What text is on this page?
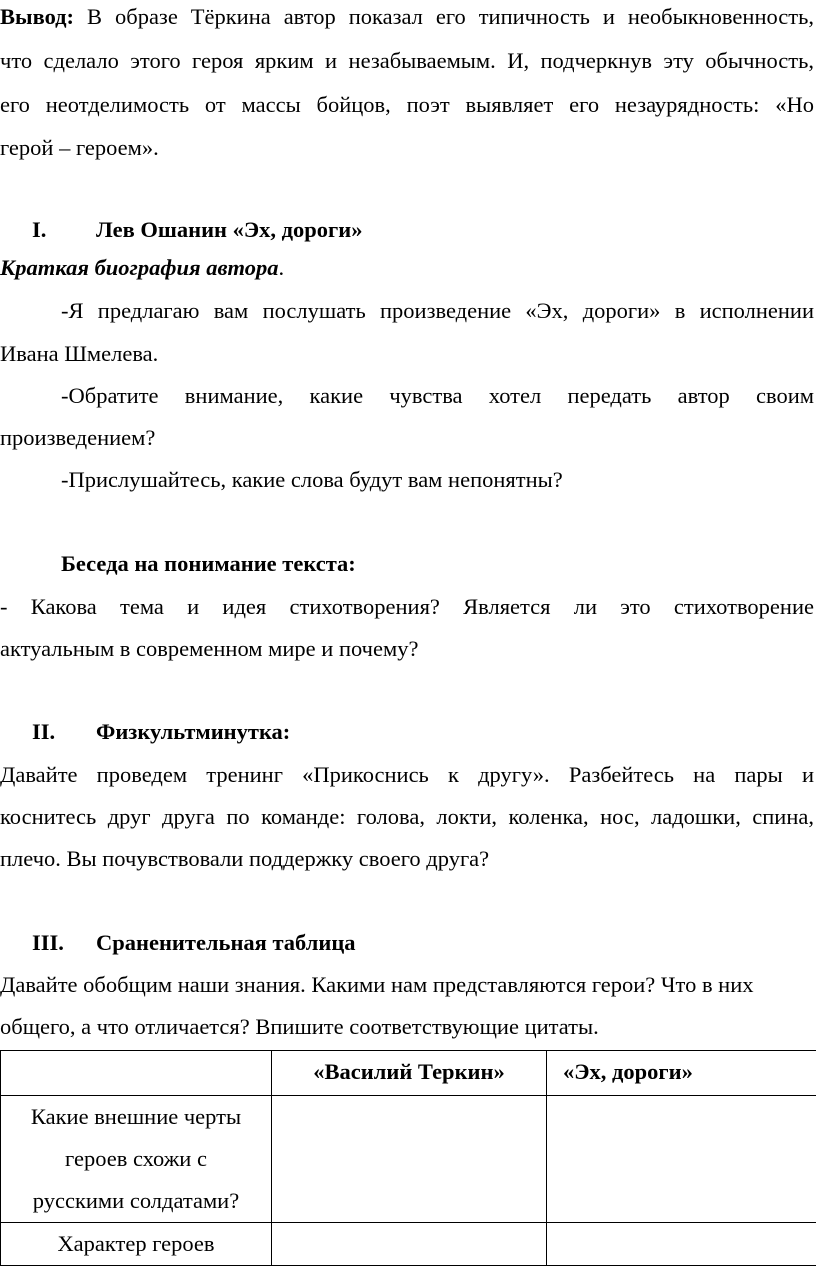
Вывод: В образе Тёркина автор показал его типичность и необыкновенность,
что сделало этого героя ярким и незабываемым. И, подчеркнув эту обычность,
его неотделимость от массы бойцов, поэт выявляет его незаурядность: «Но
герой – героем».
I. Лев Ошанин «Эх, дороги»
Краткая биография автора.
-Я предлагаю вам послушать произведение «Эх, дороги» в исполнении
Ивана Шмелева.
-Обратите внимание, какие чувства хотел передать автор своим
произведением?
-Прислушайтесь, какие слова будут вам непонятны?
Беседа на понимание текста:
- Какова тема и идея стихотворения? Является ли это стихотворение
актуальным в современном мире и почему?
II. Физкультминутка:
Давайте проведем тренинг «Прикоснись к другу». Разбейтесь на пары и
коснитесь друг друга по команде: голова, локти, коленка, нос, ладошки, спина,
плечо. Вы почувствовали поддержку своего друга?
III. Сраненительная таблица
Давайте обобщим наши знания. Какими нам представляются герои? Что в них
общего, а что отличается? Впишите соответствующие цитаты.

	«Василий Теркин»	«Эх, дороги»

Какие внешние черты
героев схожи с
русскими солдатами?		

Характер героев		
